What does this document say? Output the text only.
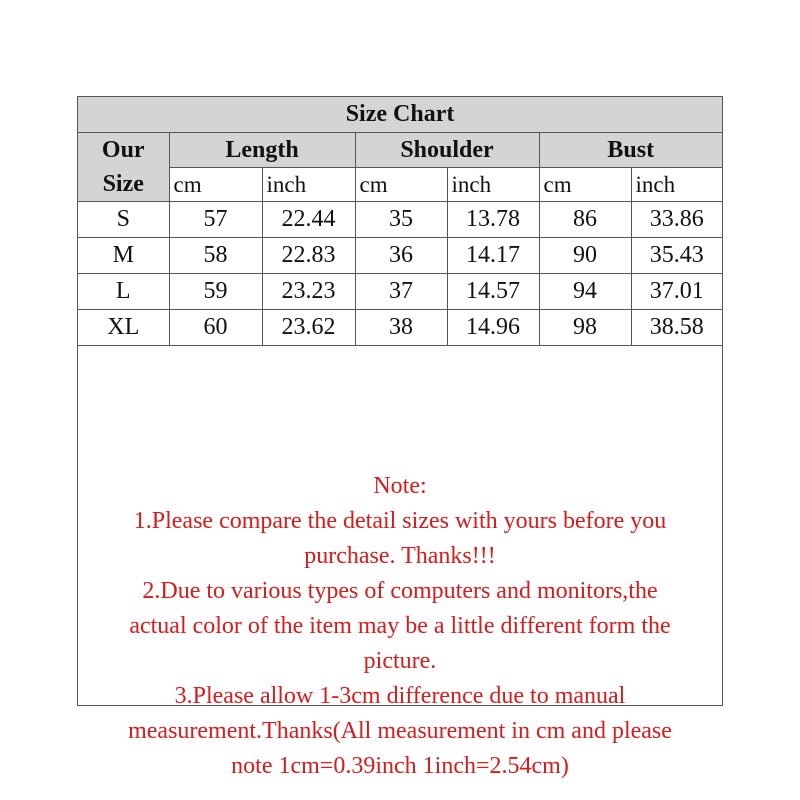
Size Chart						

Our
Size	Length		Shoulder		Bust	
	cm	inch	cm	inch	cm	inch
S	57	22.44	35	13.78	86	33.86
M	58	22.83	36	14.17	90	35.43
L	59	23.23	37	14.57	94	37.01
XL	60	23.62	38	14.96	98	38.58
Note:
1.Please compare the detail sizes with yours before you
purchase. Thanks!!!
2.Due to various types of computers and monitors,the
actual color of the item may be a little different form the
picture.
3.Please allow 1-3cm difference due to manual
measurement.Thanks(All measurement in cm and please
note 1cm=0.39inch 1inch=2.54cm)
